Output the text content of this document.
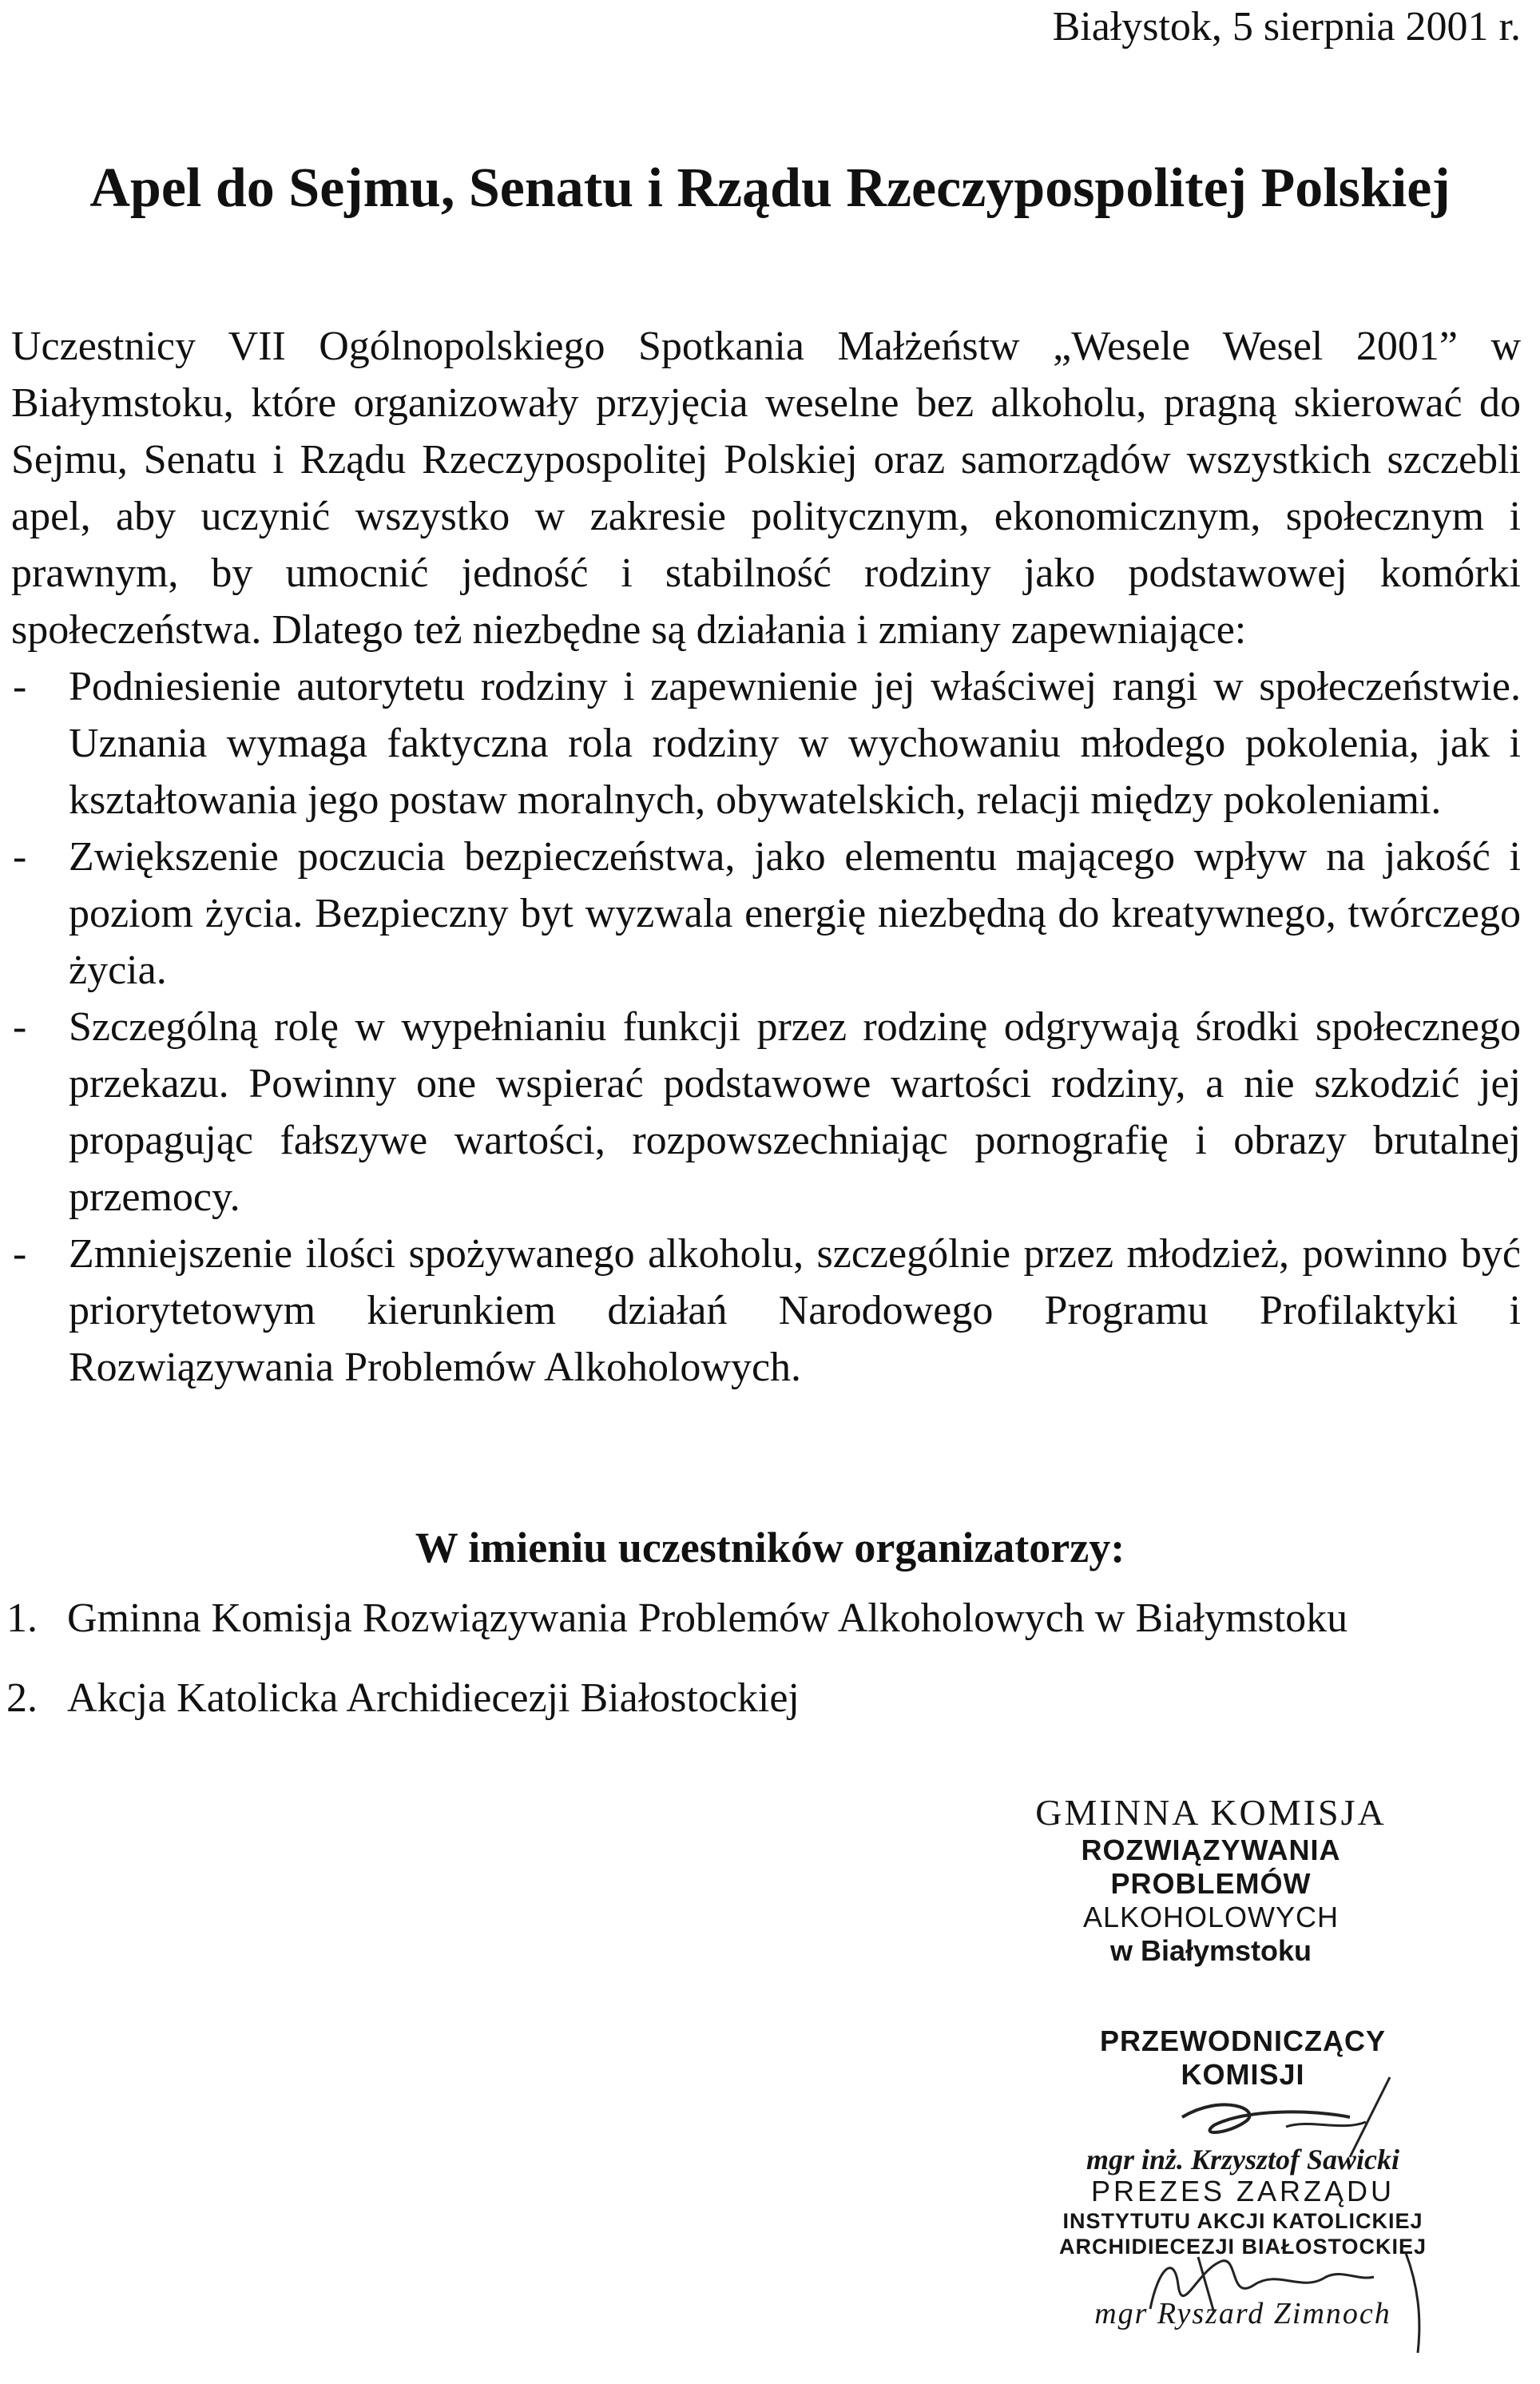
Białystok, 5 sierpnia 2001 r.
Apel do Sejmu, Senatu i Rządu Rzeczypospolitej Polskiej

Uczestnicy VII Ogólnopolskiego Spotkania Małżeństw „Wesele Wesel 2001” w Białymstoku, które organizowały przyjęcia weselne bez alkoholu, pragną skierować do Sejmu, Senatu i Rządu Rzeczypospolitej Polskiej oraz samorządów wszystkich szczebli apel, aby uczynić wszystko w zakresie politycznym, ekonomicznym, społecznym i prawnym, by umocnić jedność i stabilność rodziny jako podstawowej komórki społeczeństwa. Dlatego też niezbędne są działania i zmiany zapewniające:

- Podniesienie autorytetu rodziny i zapewnienie jej właściwej rangi w społeczeństwie. Uznania wymaga faktyczna rola rodziny w wychowaniu młodego pokolenia, jak i kształtowania jego postaw moralnych, obywatelskich, relacji między pokoleniami.
- Zwiększenie poczucia bezpieczeństwa, jako elementu mającego wpływ na jakość i poziom życia. Bezpieczny byt wyzwala energię niezbędną do kreatywnego, twórczego życia.
- Szczególną rolę w wypełnianiu funkcji przez rodzinę odgrywają środki społecznego przekazu. Powinny one wspierać podstawowe wartości rodziny, a nie szkodzić jej propagując fałszywe wartości, rozpowszechniając pornografię i obrazy brutalnej przemocy.
- Zmniejszenie ilości spożywanego alkoholu, szczególnie przez młodzież, powinno być priorytetowym kierunkiem działań Narodowego Programu Profilaktyki i Rozwiązywania Problemów Alkoholowych.
W imieniu uczestników organizatorzy:
1. Gminna Komisja Rozwiązywania Problemów Alkoholowych w Białymstoku
2. Akcja Katolicka Archidiecezji Białostockiej
GMINNA KOMISJA
ROZWIĄZYWANIA PROBLEMÓW
ALKOHOLOWYCH
w Białymstoku
PRZEWODNICZĄCY KOMISJI
mgr inż. Krzysztof Sawicki
PREZES ZARZĄDU
INSTYTUTU AKCJI KATOLICKIEJ
ARCHIDIECEZJI BIAŁOSTOCKIEJ
mgr Ryszard Zimnoch
